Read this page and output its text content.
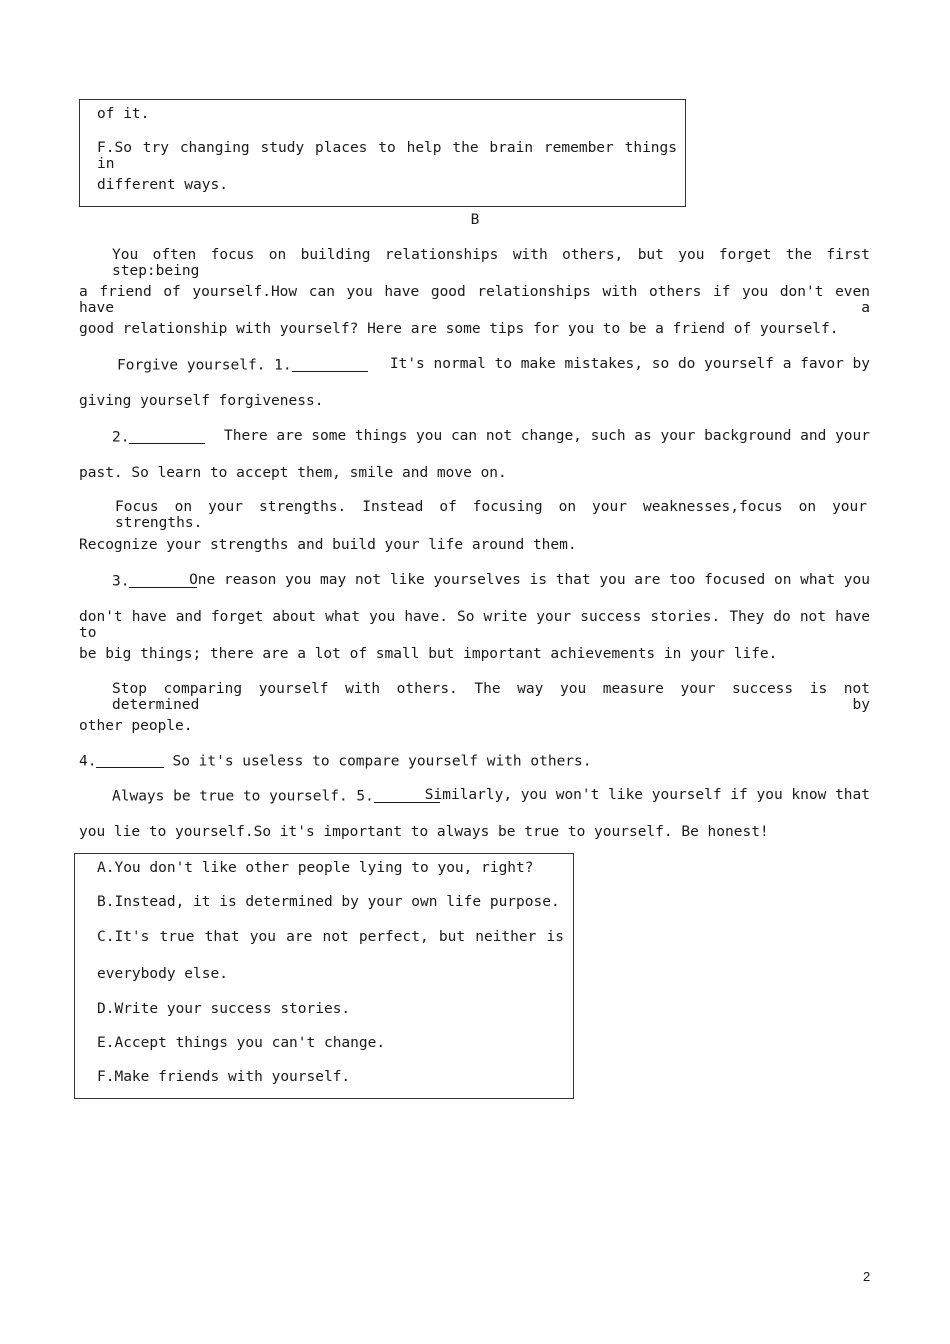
of it.
F.So try changing study places to help the brain remember things in
different ways.
B
You often focus on building relationships with others, but you forget the first step:being
a friend of yourself.How can you have good relationships with others if you don't even have a
good relationship with yourself? Here are some tips for you to be a friend of yourself.
Forgive yourself. 1.	It's normal to make mistakes, so do yourself a favor by
giving yourself forgiveness.
2.	There are some things you can not change, such as your background and your
past. So learn to accept them, smile and move on.
Focus on your strengths. Instead of focusing on your weaknesses,focus on your strengths.
Recognize your strengths and build your life around them.
3.	One reason you may not like yourselves is that you are too focused on what you
don't have and forget about what you have. So write your success stories. They do not have to
be big things; there are a lot of small but important achievements in your life.
Stop comparing yourself with others. The way you measure your success is not determined by
other people.
4.	So it's useless to compare yourself with others.
Always be true to yourself. 5.	Similarly, you won't like yourself if you know that
you lie to yourself.So it's important to always be true to yourself. Be honest!
A.You don't like other people lying to you, right?
B.Instead, it is determined by your own life purpose.
C.It's true that you are not perfect, but neither is
everybody else.
D.Write your success stories.
E.Accept things you can't change.
F.Make friends with yourself.
2
